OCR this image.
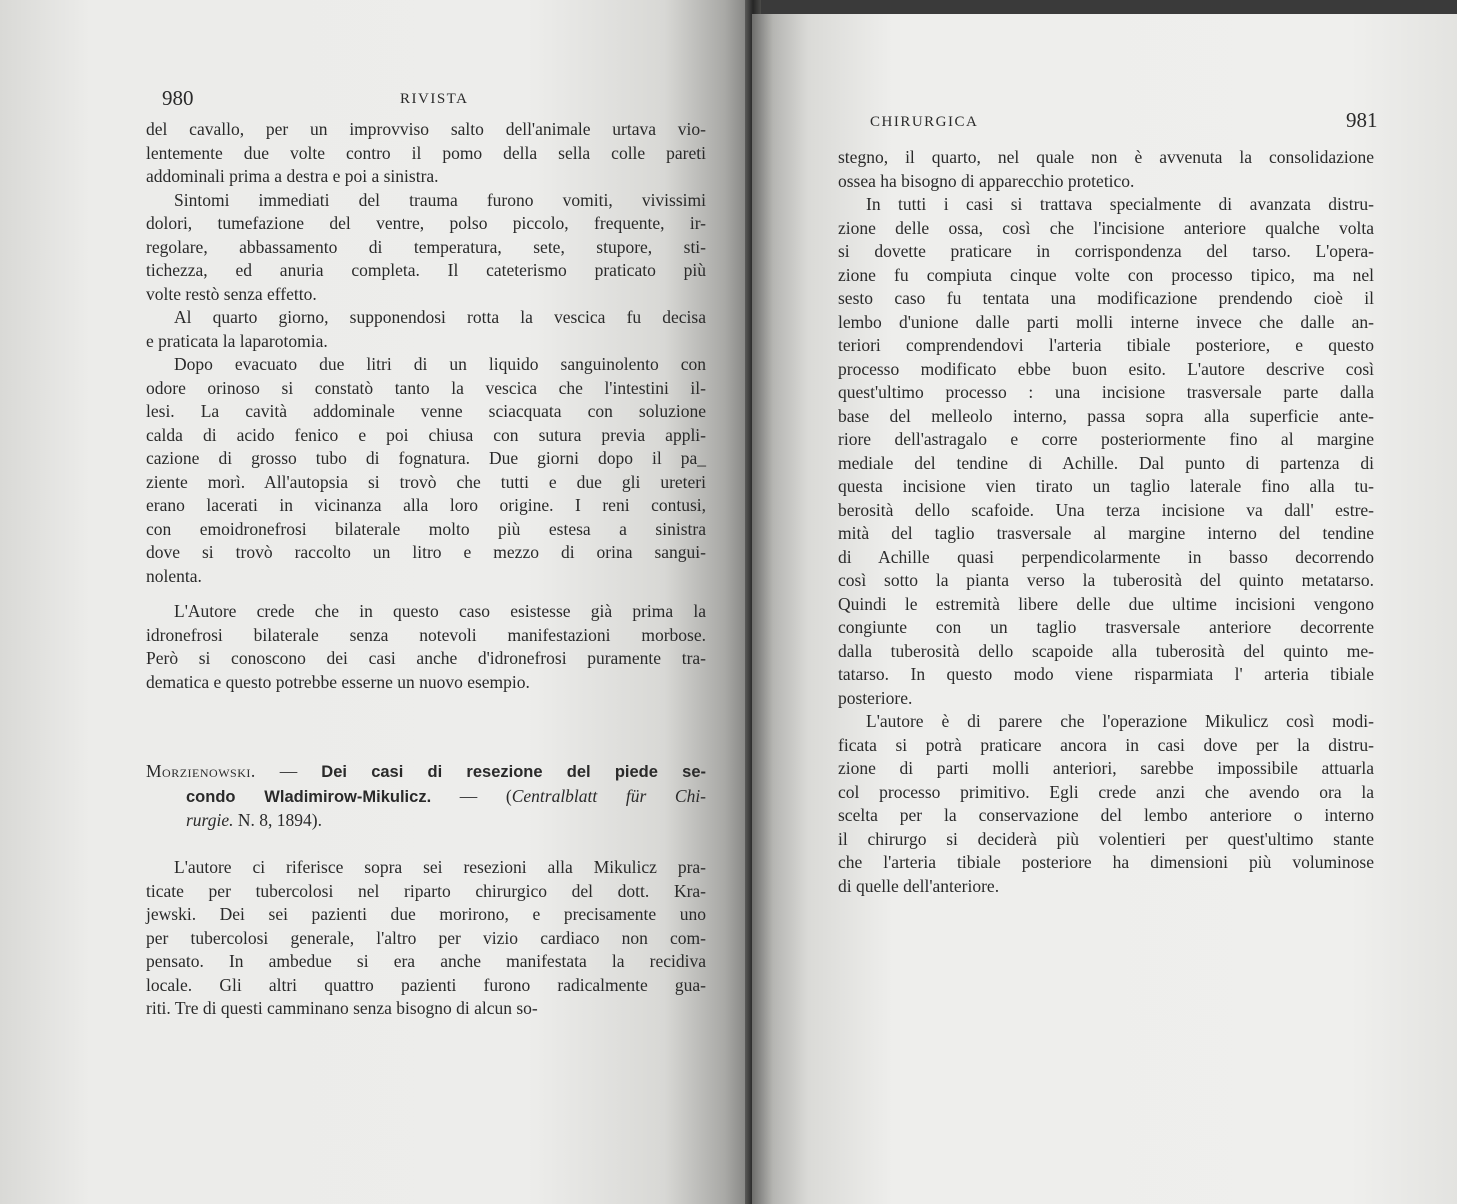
980	RIVISTA
del cavallo, per un improvviso salto dell'animale urtava vio-
lentemente due volte contro il pomo della sella colle pareti
addominali prima a destra e poi a sinistra.
Sintomi immediati del trauma furono vomiti, vivissimi
dolori, tumefazione del ventre, polso piccolo, frequente, ir-
regolare, abbassamento di temperatura, sete, stupore, sti-
tichezza, ed anuria completa. Il cateterismo praticato più
volte restò senza effetto.
Al quarto giorno, supponendosi rotta la vescica fu decisa
e praticata la laparotomia.
Dopo evacuato due litri di un liquido sanguinolento con
odore orinoso si constatò tanto la vescica che l'intestini il-
lesi. La cavità addominale venne sciacquata con soluzione
calda di acido fenico e poi chiusa con sutura previa appli-
cazione di grosso tubo di fognatura. Due giorni dopo il pa_
ziente morì. All'autopsia si trovò che tutti e due gli ureteri
erano lacerati in vicinanza alla loro origine. I reni contusi,
con emoidronefrosi bilaterale molto più estesa a sinistra
dove si trovò raccolto un litro e mezzo di orina sangui-
nolenta.
L'Autore crede che in questo caso esistesse già prima la
idronefrosi bilaterale senza notevoli manifestazioni morbose.
Però si conoscono dei casi anche d'idronefrosi puramente tra-
dematica e questo potrebbe esserne un nuovo esempio.
Morzienowski. — Dei casi di resezione del piede se-
condo Wladimirow-Mikulicz. — (Centralblatt für Chi-
rurgie. N. 8, 1894).
L'autore ci riferisce sopra sei resezioni alla Mikulicz pra-
ticate per tubercolosi nel riparto chirurgico del dott. Kra-
jewski. Dei sei pazienti due morirono, e precisamente uno
per tubercolosi generale, l'altro per vizio cardiaco non com-
pensato. In ambedue si era anche manifestata la recidiva
locale. Gli altri quattro pazienti furono radicalmente gua-
riti. Tre di questi camminano senza bisogno di alcun so-
CHIRURGICA	981
stegno, il quarto, nel quale non è avvenuta la consolidazione
ossea ha bisogno di apparecchio protetico.
In tutti i casi si trattava specialmente di avanzata distru-
zione delle ossa, così che l'incisione anteriore qualche volta
si dovette praticare in corrispondenza del tarso. L'opera-
zione fu compiuta cinque volte con processo tipico, ma nel
sesto caso fu tentata una modificazione prendendo cioè il
lembo d'unione dalle parti molli interne invece che dalle an-
teriori comprendendovi l'arteria tibiale posteriore, e questo
processo modificato ebbe buon esito. L'autore descrive così
quest'ultimo processo : una incisione trasversale parte dalla
base del melleolo interno, passa sopra alla superficie ante-
riore dell'astragalo e corre posteriormente fino al margine
mediale del tendine di Achille. Dal punto di partenza di
questa incisione vien tirato un taglio laterale fino alla tu-
berosità dello scafoide. Una terza incisione va dall' estre-
mità del taglio trasversale al margine interno del tendine
di Achille quasi perpendicolarmente in basso decorrendo
così sotto la pianta verso la tuberosità del quinto metatarso.
Quindi le estremità libere delle due ultime incisioni vengono
congiunte con un taglio trasversale anteriore decorrente
dalla tuberosità dello scapoide alla tuberosità del quinto me-
tatarso. In questo modo viene risparmiata l' arteria tibiale
posteriore.
L'autore è di parere che l'operazione Mikulicz così modi-
ficata si potrà praticare ancora in casi dove per la distru-
zione di parti molli anteriori, sarebbe impossibile attuarla
col processo primitivo. Egli crede anzi che avendo ora la
scelta per la conservazione del lembo anteriore o interno
il chirurgo si deciderà più volentieri per quest'ultimo stante
che l'arteria tibiale posteriore ha dimensioni più voluminose
di quelle dell'anteriore.
